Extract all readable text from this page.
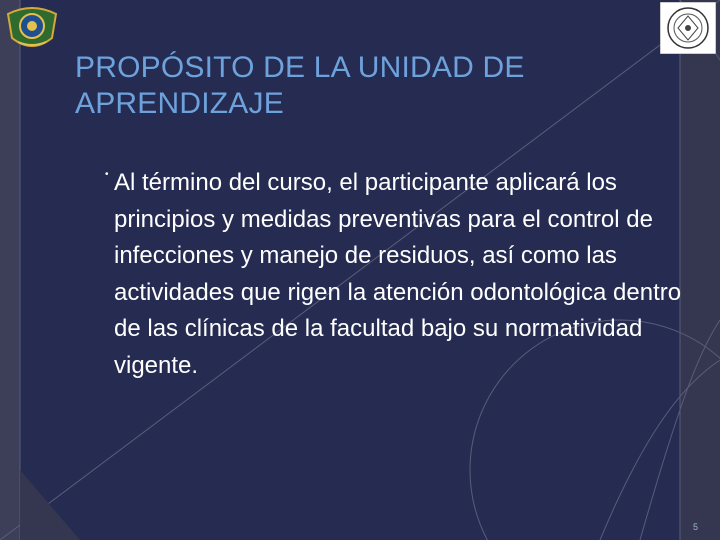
PROPÓSITO DE LA UNIDAD DE APRENDIZAJE
• Al término del curso, el participante aplicará los principios y medidas preventivas para el control de infecciones y manejo de residuos, así como las actividades que rigen la atención odontológica dentro de las clínicas de la facultad bajo su normatividad vigente.

5
